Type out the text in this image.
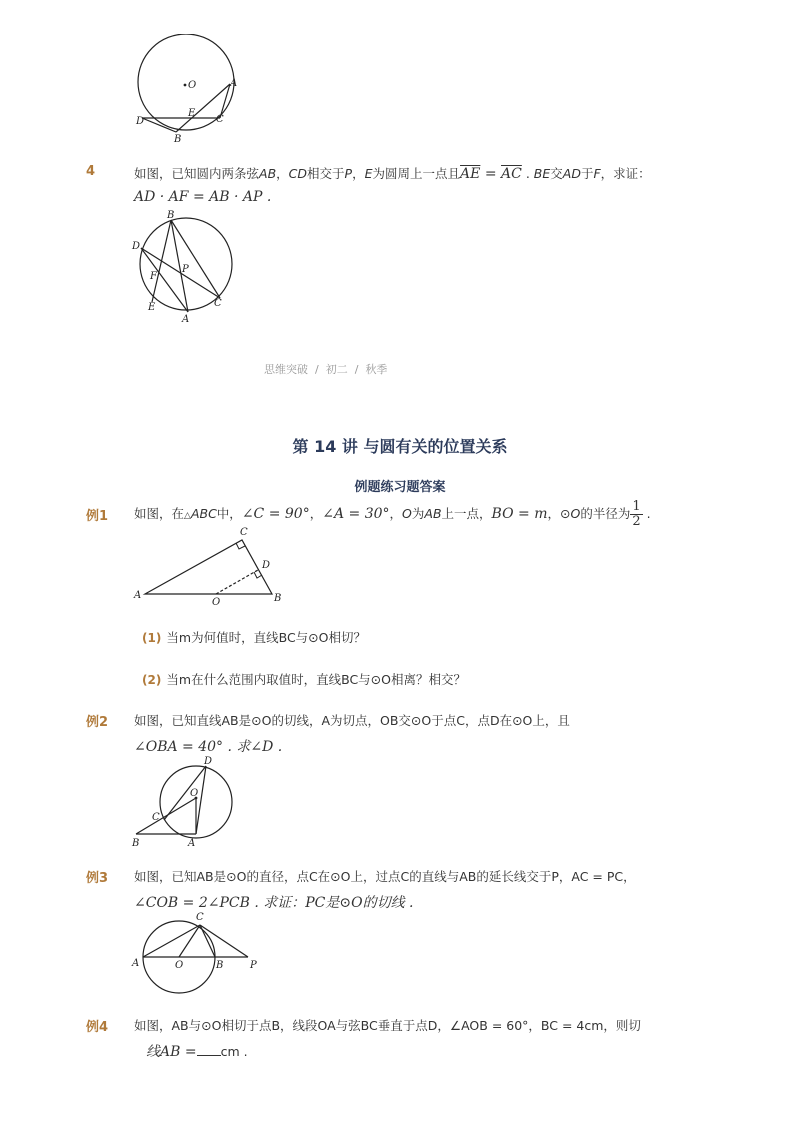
O	A
D
E
C
B
4	如图，已知圆内两条弦AB，CD相交于P，E为圆周上一点且$\overline{AE} = \overline{AC}$ . BE交AD于F，求证：
AD · AF = AB · AP .
B
D
F
P
E
A
C
思维突破 / 初二 / 秋季
第 14 讲 与圆有关的位置关系
例题练习题答案
例1 如图，在△ABC中，∠C = 90°，∠A = 30°，O为AB上一点，BO = m，⊙O的半径为 $\frac{1}{2}$ .
C
D
A
O	B
(1) 当m为何值时，直线BC与⊙O相切？
(2) 当m在什么范围内取值时，直线BC与⊙O相离？相交？
例2 如图，已知直线AB是⊙O的切线，A为切点，OB交⊙O于点C，点D在⊙O上，且
∠OBA = 40° . 求∠D .
D
O
C
B	A
例3 如图，已知AB是⊙O的直径，点C在⊙O上，过点C的直线与AB的延长线交于P，AC = PC，
∠COB = 2∠PCB . 求证：PC是⊙O的切线 .
C
A	O	B	P
例4 如图，AB与⊙O相切于点B，线段OA与弦BC垂直于点D，∠AOB = 60°，BC = 4cm，则切
线AB = cm .
